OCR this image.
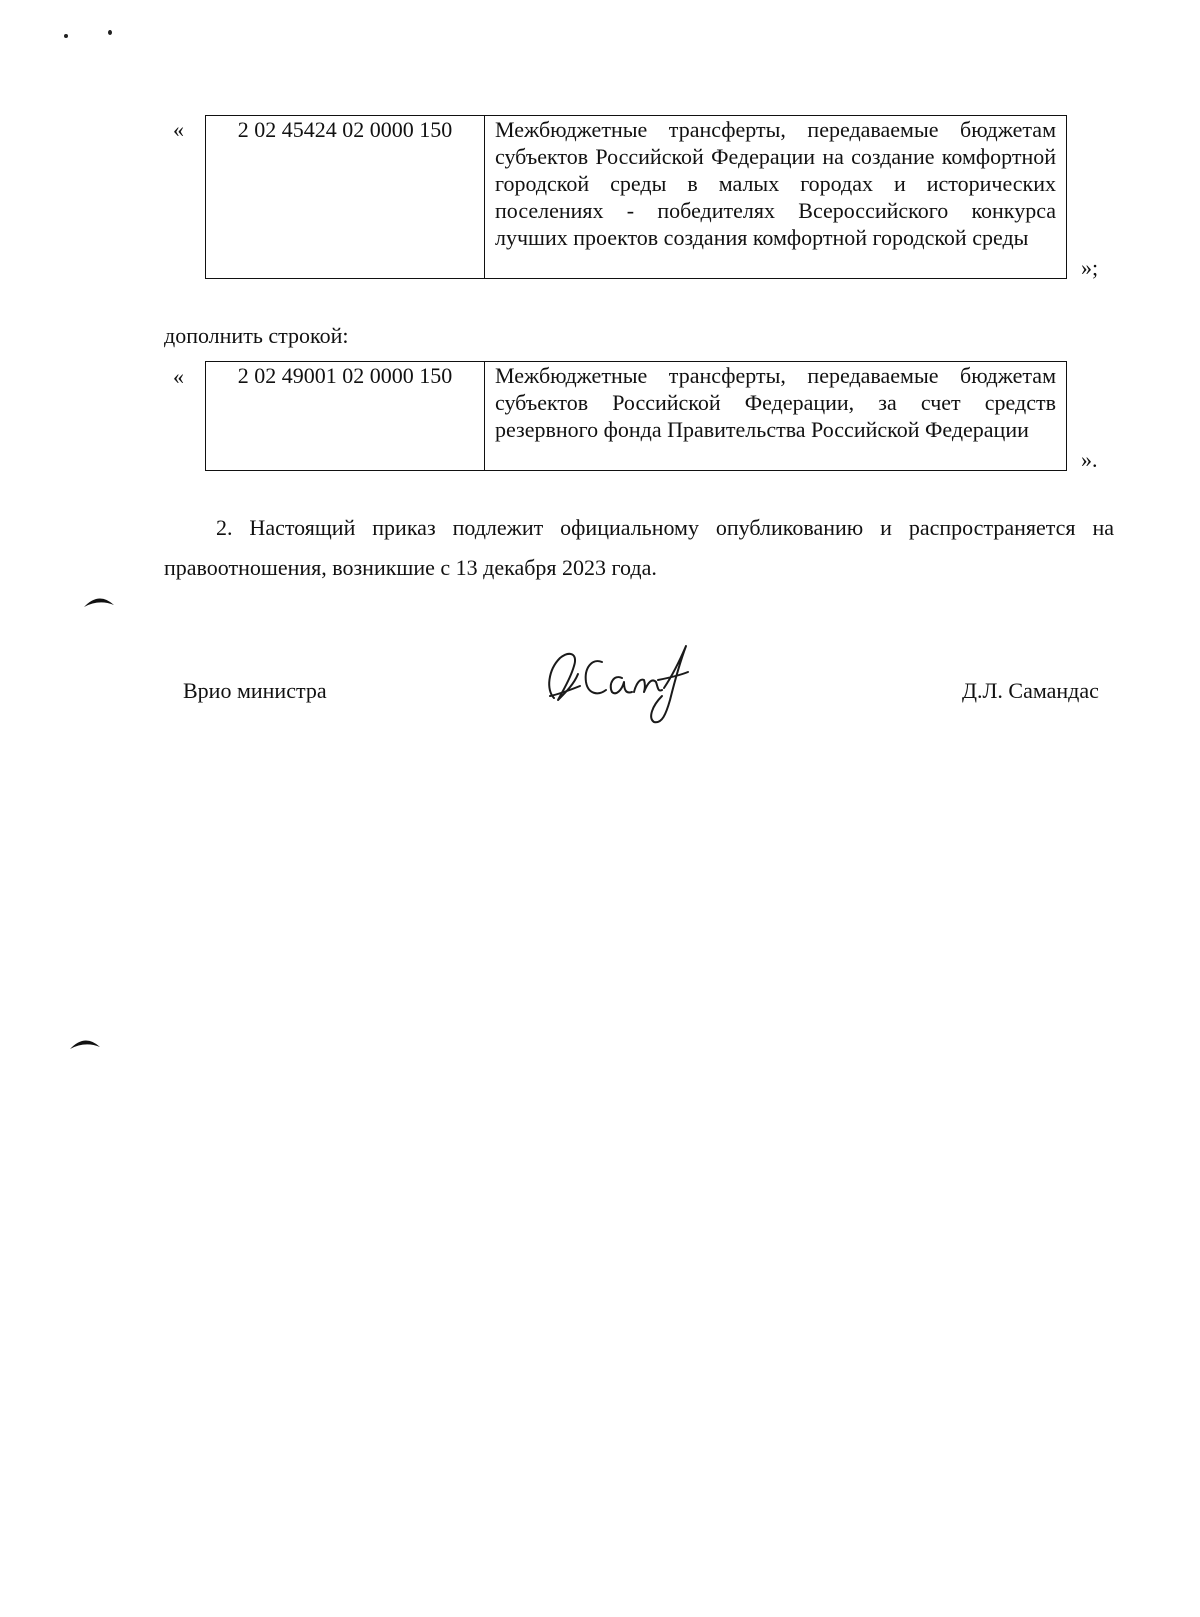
« 2 02 45424 02 0000 150	Межбюджетные трансферты, передаваемые бюджетам субъектов Российской Федерации на создание комфортной городской среды в малых городах и исторических поселениях - победителях Всероссийского конкурса лучших проектов создания комфортной городской среды
»;
дополнить строкой:
« 2 02 49001 02 0000 150	Межбюджетные трансферты, передаваемые бюджетам субъектов Российской Федерации, за счет средств резервного фонда Правительства Российской Федерации
».
2. Настоящий приказ подлежит официальному опубликованию и распространяется на правоотношения, возникшие с 13 декабря 2023 года.
Врио министра	Д.Л. Самандас
